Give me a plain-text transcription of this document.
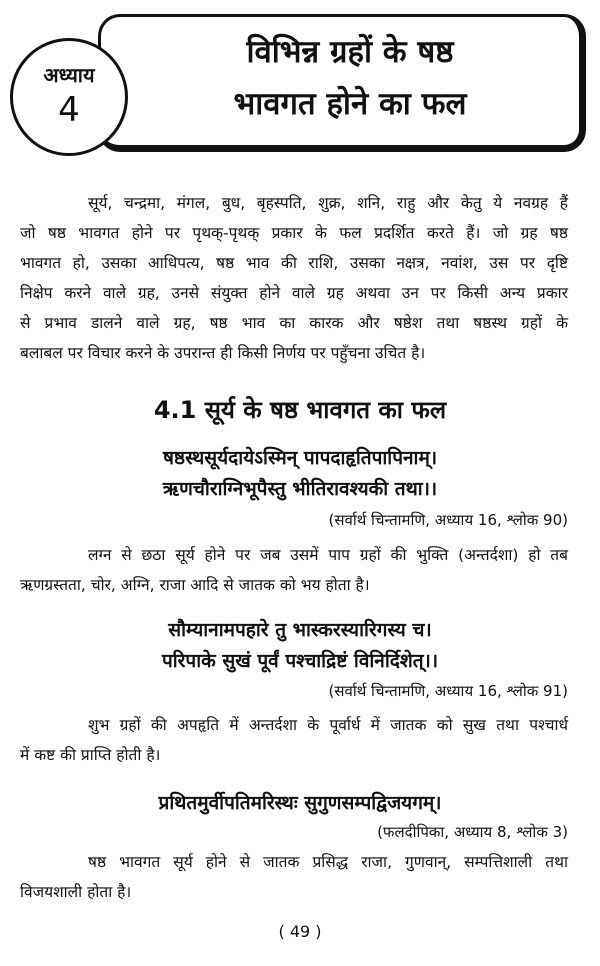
विभिन्न ग्रहों के षष्ठ
भावगत होने का फल
अध्याय
4
सूर्य, चन्द्रमा, मंगल, बुध, बृहस्पति, शुक्र, शनि, राहु और केतु ये नवग्रह हैं
जो षष्ठ भावगत होने पर पृथक्-पृथक् प्रकार के फल प्रदर्शित करते हैं। जो ग्रह षष्ठ
भावगत हो, उसका आधिपत्य, षष्ठ भाव की राशि, उसका नक्षत्र, नवांश, उस पर दृष्टि
निक्षेप करने वाले ग्रह, उनसे संयुक्त होने वाले ग्रह अथवा उन पर किसी अन्य प्रकार
से प्रभाव डालने वाले ग्रह, षष्ठ भाव का कारक और षष्ठेश तथा षष्ठस्थ ग्रहों के
बलाबल पर विचार करने के उपरान्त ही किसी निर्णय पर पहुँचना उचित है।
4.1 सूर्य के षष्ठ भावगत का फल
षष्ठस्थसूर्यदायेऽस्मिन् पापदाहृतिपापिनाम्।
ऋणचौराग्निभूपैस्तु भीतिरावश्यकी तथा।।
(सर्वार्थ चिन्तामणि, अध्याय 16, श्लोक 90)
लग्न से छठा सूर्य होने पर जब उसमें पाप ग्रहों की भुक्ति (अन्तर्दशा) हो तब
ऋणग्रस्तता, चोर, अग्नि, राजा आदि से जातक को भय होता है।
सौम्यानामपहारे तु भास्करस्यारिगस्य च।
परिपाके सुखं पूर्वं पश्चाद्रिष्टं विनिर्दिशेत्।।
(सर्वार्थ चिन्तामणि, अध्याय 16, श्लोक 91)
शुभ ग्रहों की अपहृति में अन्तर्दशा के पूर्वार्ध में जातक को सुख तथा पश्चार्ध
में कष्ट की प्राप्ति होती है।
प्रथितमुर्वीपतिमरिस्थः सुगुणसम्पद्विजयगम्।
(फलदीपिका, अध्याय 8, श्लोक 3)
षष्ठ भावगत सूर्य होने से जातक प्रसिद्ध राजा, गुणवान्, सम्पत्तिशाली तथा
विजयशाली होता है।
( 49 )
